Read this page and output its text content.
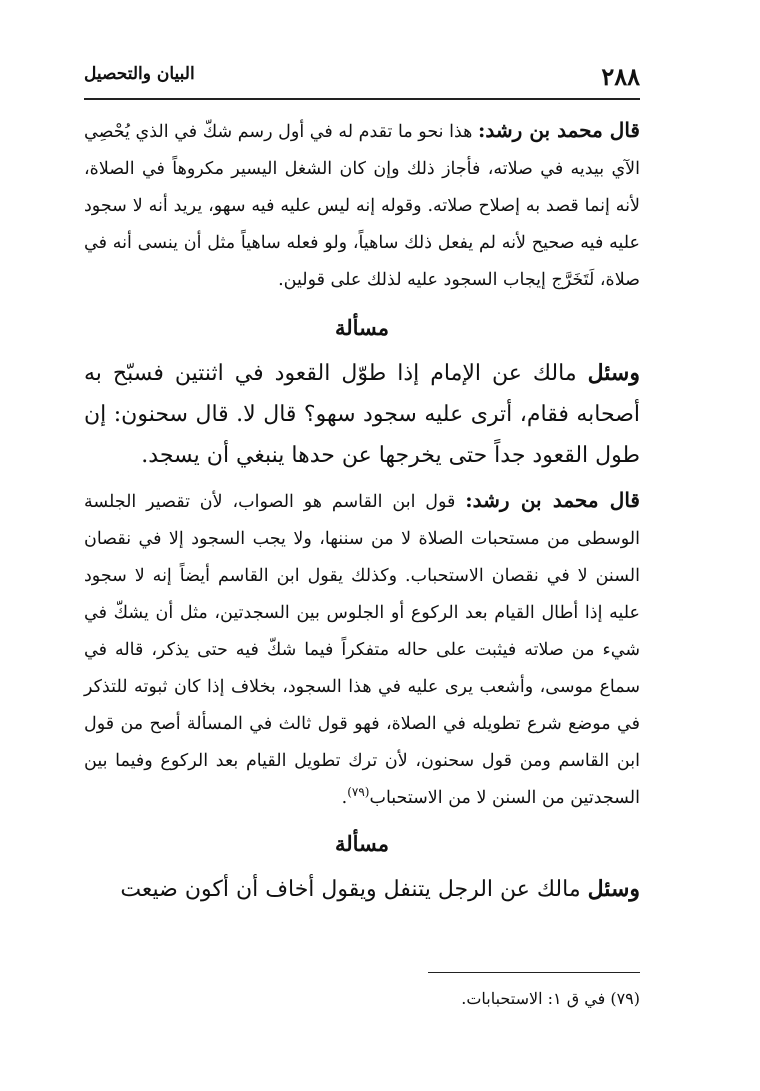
٢٨٨
البيان والتحصيل

قال محمد بن رشد: هذا نحو ما تقدم له في أول رسم شكّ في الذي يُحْصِي الآي بيديه في صلاته، فأجاز ذلك وإن كان الشغل اليسير مكروهاً في الصلاة، لأنه إنما قصد به إصلاح صلاته. وقوله إنه ليس عليه فيه سهو، يريد أنه لا سجود عليه فيه صحيح لأنه لم يفعل ذلك ساهياً، ولو فعله ساهياً مثل أن ينسى أنه في صلاة، لَتَخَرَّج إيجاب السجود عليه لذلك على قولين.

مسألة

وسئل مالك عن الإمام إذا طوّل القعود في اثنتين فسبّح به أصحابه فقام، أترى عليه سجود سهو؟ قال لا. قال سحنون: إن طول القعود جداً حتى يخرجها عن حدها ينبغي أن يسجد.

قال محمد بن رشد: قول ابن القاسم هو الصواب، لأن تقصير الجلسة الوسطى من مستحبات الصلاة لا من سننها، ولا يجب السجود إلا في نقصان السنن لا في نقصان الاستحباب. وكذلك يقول ابن القاسم أيضاً إنه لا سجود عليه إذا أطال القيام بعد الركوع أو الجلوس بين السجدتين، مثل أن يشكّ في شيء من صلاته فيثبت على حاله متفكراً فيما شكّ فيه حتى يذكر، قاله في سماع موسى، وأشعب يرى عليه في هذا السجود، بخلاف إذا كان ثبوته للتذكر في موضع شرع تطويله في الصلاة، فهو قول ثالث في المسألة أصح من قول ابن القاسم ومن قول سحنون، لأن ترك تطويل القيام بعد الركوع وفيما بين السجدتين من السنن لا من الاستحباب$^{(٧٩)}$.

مسألة

وسئل مالك عن الرجل يتنفل ويقول أخاف أن أكون ضيعت

(٧٩) في ق ١: الاستحبابات.
